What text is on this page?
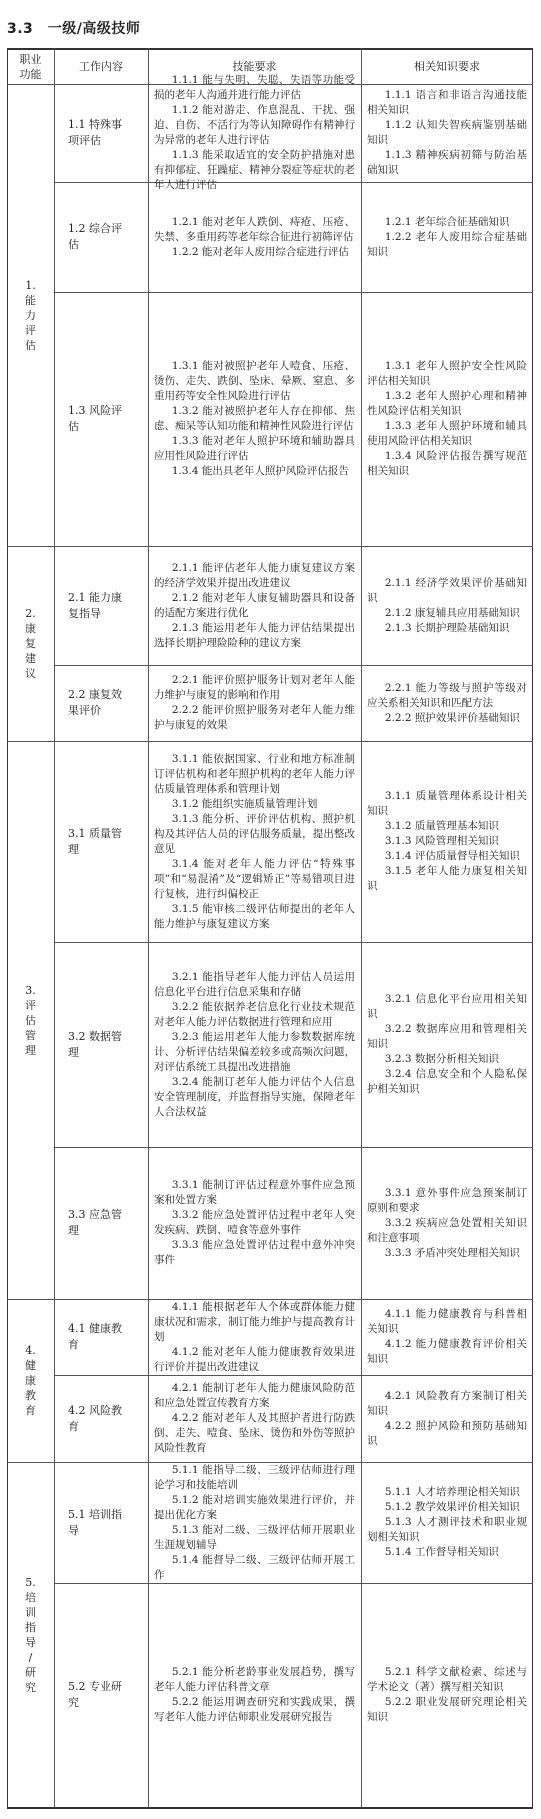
3.3　一级/高级技师
职业
功能
工作内容	技能要求	相关知识要求
1.
能
力
评
估
1.1 特殊事
项评估
1.1.1 能与失明、失聪、失语等功能受损的老年人沟通并进行能力评估
1.1.2 能对游走、作息混乱、干扰、强迫、自伤、不活行为等认知障碍作有精神行为异常的老年人进行评估
1.1.3 能采取适宜的安全防护措施对患有抑郁症、狂躁症、精神分裂症等症状的老年人进行评估
1.1.1 语言和非语言沟通技能相关知识
1.1.2 认知失智疾病鉴别基础知识
1.1.3 精神疾病初筛与防治基础知识
1.2 综合评
估
1.2.1 能对老年人跌倒、痔疮、压疮、失禁、多重用药等老年综合征进行初筛评估
1.2.2 能对老年人废用综合症进行评估
1.2.1 老年综合征基础知识
1.2.2 老年人废用综合症基础知识
1.3 风险评
估
1.3.1 能对被照护老年人噎食、压疮、烫伤、走失、跌倒、坠床、晕厥、窒息、多重用药等安全性风险进行评估
1.3.2 能对被照护老年人存在抑郁、焦虑、痴呆等认知功能和精神性风险进行评估
1.3.3 能对老年人照护环境和辅助器具应用性风险进行评估
1.3.4 能出具老年人照护风险评估报告
1.3.1 老年人照护安全性风险评估相关知识
1.3.2 老年人照护心理和精神性风险评估相关知识
1.3.3 老年人照护环境和辅具使用风险评估相关知识
1.3.4 风险评估报告撰写规范相关知识
2.
康
复
建
议
2.1 能力康
复指导
2.1.1 能评估老年人能力康复建议方案的经济学效果并提出改进建议
2.1.2 能对老年人康复辅助器具和设备的适配方案进行优化
2.1.3 能运用老年人能力评估结果提出选择长期护理险险种的建议方案
2.1.1 经济学效果评价基础知识
2.1.2 康复辅具应用基础知识
2.1.3 长期护理险基础知识
2.2 康复效
果评价
2.2.1 能评价照护服务计划对老年人能力维护与康复的影响和作用
2.2.2 能评价照护服务对老年人能力维护与康复的效果
2.2.1 能力等级与照护等级对应关系相关知识和匹配方法
2.2.2 照护效果评价基础知识
3.
评
估
管
理
3.1 质量管
理
3.1.1 能依据国家、行业和地方标准制订评估机构和老年照护机构的老年人能力评估质量管理体系和管理计划
3.1.2 能组织实施质量管理计划
3.1.3 能分析、评价评估机构、照护机构及其评估人员的评估服务质量，提出整改意见
3.1.4 能对老年人能力评估“特殊事项”和“易混淆”及“逻辑矫正”等易错项目进行复核，进行纠偏校正
3.1.5 能审核二级评估师提出的老年人能力维护与康复建议方案
3.1.1 质量管理体系设计相关知识
3.1.2 质量管理基本知识
3.1.3 风险管理相关知识
3.1.4 评估质量督导相关知识
3.1.5 老年人能力康复相关知识
3.2 数据管
理
3.2.1 能指导老年人能力评估人员运用信息化平台进行信息采集和存储
3.2.2 能依据养老信息化行业技术规范对老年人能力评估数据进行管理和应用
3.2.3 能运用老年人能力参数数据库统计、分析评估结果偏差较多或高频次问题，对评估系统工具提出改进措施
3.2.4 能制订老年人能力评估个人信息安全管理制度，并监督指导实施，保障老年人合法权益
3.2.1 信息化平台应用相关知识
3.2.2 数据库应用和管理相关知识
3.2.3 数据分析相关知识
3.2.4 信息安全和个人隐私保护相关知识
3.3 应急管
理
3.3.1 能制订评估过程意外事件应急预案和处置方案
3.3.2 能应急处置评估过程中老年人突发疾病、跌倒、噎食等意外事件
3.3.3 能应急处置评估过程中意外冲突事件
3.3.1 意外事件应急预案制订原则和要求
3.3.2 疾病应急处置相关知识和注意事项
3.3.3 矛盾冲突处理相关知识
4.
健
康
教
育
4.1 健康教
育
4.1.1 能根据老年人个体或群体能力健康状况和需求，制订能力维护与提高教育计划
4.1.2 能对老年人能力健康教育效果进行评价并提出改进建议
4.1.1 能力健康教育与科普相关知识
4.1.2 能力健康教育评价相关知识
4.2 风险教
育
4.2.1 能制订老年人能力健康风险防范和应急处置宣传教育方案
4.2.2 能对老年人及其照护者进行防跌倒、走失、噎食、坠床、烫伤和外伤等照护风险性教育
4.2.1 风险教育方案制订相关知识
4.2.2 照护风险和预防基础知识
5.
培
训
指
导
/
研
究
5.1 培训指
导
5.1.1 能指导二级、三级评估师进行理论学习和技能培训
5.1.2 能对培训实施效果进行评价，并提出优化方案
5.1.3 能对二级、三级评估师开展职业生涯规划辅导
5.1.4 能督导二级、三级评估师开展工作
5.1.1 人才培养理论相关知识
5.1.2 教学效果评价相关知识
5.1.3 人才测评技术和职业规划相关知识
5.1.4 工作督导相关知识
5.2 专业研
究
5.2.1 能分析老龄事业发展趋势，撰写老年人能力评估科普文章
5.2.2 能运用调查研究和实践成果，撰写老年人能力评估师职业发展研究报告
5.2.1 科学文献检索、综述与学术论文（著）撰写相关知识
5.2.2 职业发展研究理论相关知识
